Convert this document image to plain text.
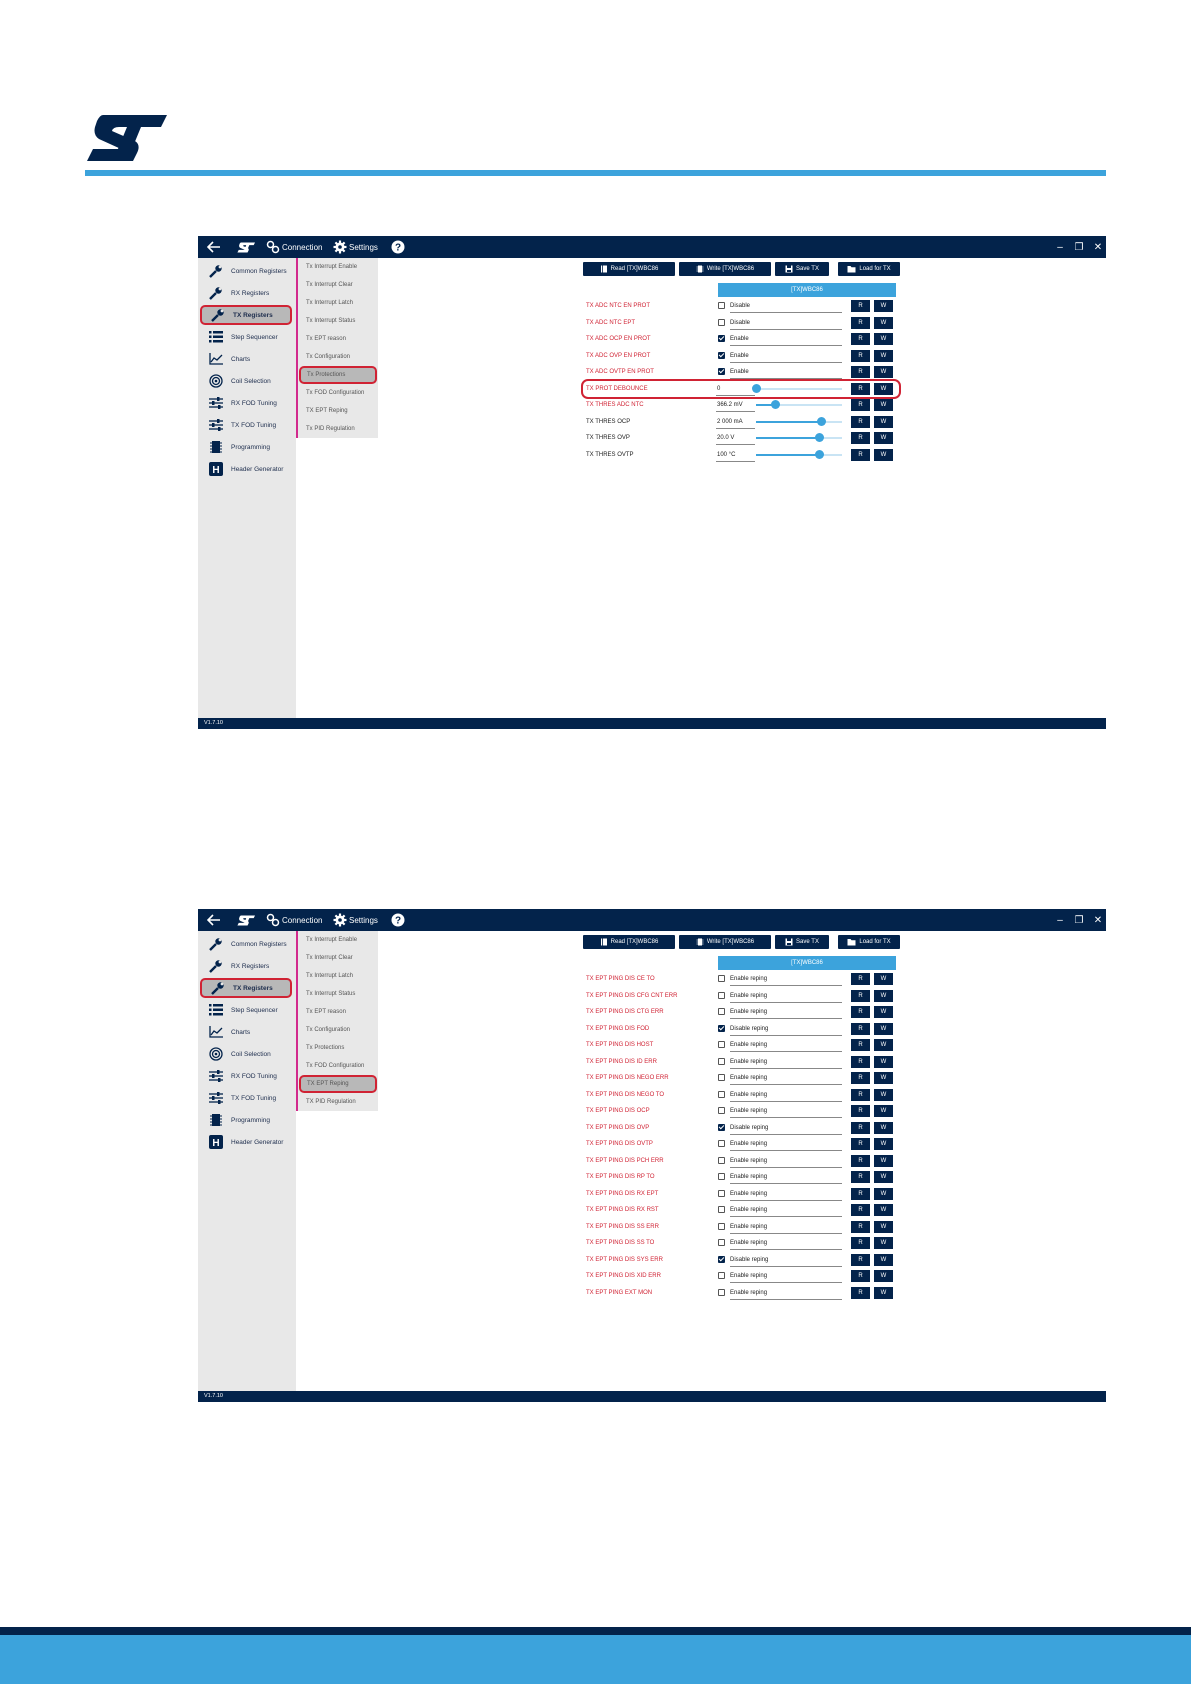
Connection	Settings ?	–	❐	✕
Common Registers
RX Registers
TX Registers
Step Sequencer
Charts
Coil Selection
RX FOD Tuning
TX FOD Tuning
Programming
H Header Generator
Tx Interrupt Enable
Tx Interrupt Clear
Tx Interrupt Latch
Tx Interrupt Status
Tx EPT reason
Tx Configuration
Tx Protections
Tx FOD Configuration
TX EPT Reping
Tx PID Regulation
Read [TX]WBC86	Write [TX]WBC86	Save TX	Load for TX
[TX]WBC86
TX ADC NTC EN PROT	Disable	R	W
TX ADC NTC EPT	Disable	R	W
TX ADC OCP EN PROT	Enable	R	W
TX ADC OVP EN PROT	Enable	R	W
TX ADC OVTP EN PROT	Enable	R	W
TX PROT DEBOUNCE	0	R	W
TX THRES ADC NTC	366.2 mV	R	W
TX THRES OCP	2 000 mA	R	W
TX THRES OVP	20.0 V	R	W
TX THRES OVTP	100 °C	R	W
V1.7.10
Connection	Settings ?	–	❐	✕
Common Registers
RX Registers
TX Registers
Step Sequencer
Charts
Coil Selection
RX FOD Tuning
TX FOD Tuning
Programming
H Header Generator
Tx Interrupt Enable
Tx Interrupt Clear
Tx Interrupt Latch
Tx Interrupt Status
Tx EPT reason
Tx Configuration
Tx Protections
Tx FOD Configuration
TX EPT Reping
TX PID Regulation
Read [TX]WBC86	Write [TX]WBC86	Save TX	Load for TX
[TX]WBC86
TX EPT PING DIS CE TO	Enable reping	R	W
TX EPT PING DIS CFG CNT ERR	Enable reping	R	W
TX EPT PING DIS CTG ERR	Enable reping	R	W
TX EPT PING DIS FOD	Disable reping	R	W
TX EPT PING DIS HOST	Enable reping	R	W
TX EPT PING DIS ID ERR	Enable reping	R	W
TX EPT PING DIS NEGO ERR	Enable reping	R	W
TX EPT PING DIS NEGO TO	Enable reping	R	W
TX EPT PING DIS OCP	Enable reping	R	W
TX EPT PING DIS OVP	Disable reping	R	W
TX EPT PING DIS OVTP	Enable reping	R	W
TX EPT PING DIS PCH ERR	Enable reping	R	W
TX EPT PING DIS RP TO	Enable reping	R	W
TX EPT PING DIS RX EPT	Enable reping	R	W
TX EPT PING DIS RX RST	Enable reping	R	W
TX EPT PING DIS SS ERR	Enable reping	R	W
TX EPT PING DIS SS TO	Enable reping	R	W
TX EPT PING DIS SYS ERR	Disable reping	R	W
TX EPT PING DIS XID ERR	Enable reping	R	W
TX EPT PING EXT MON	Enable reping	R	W
V1.7.10
